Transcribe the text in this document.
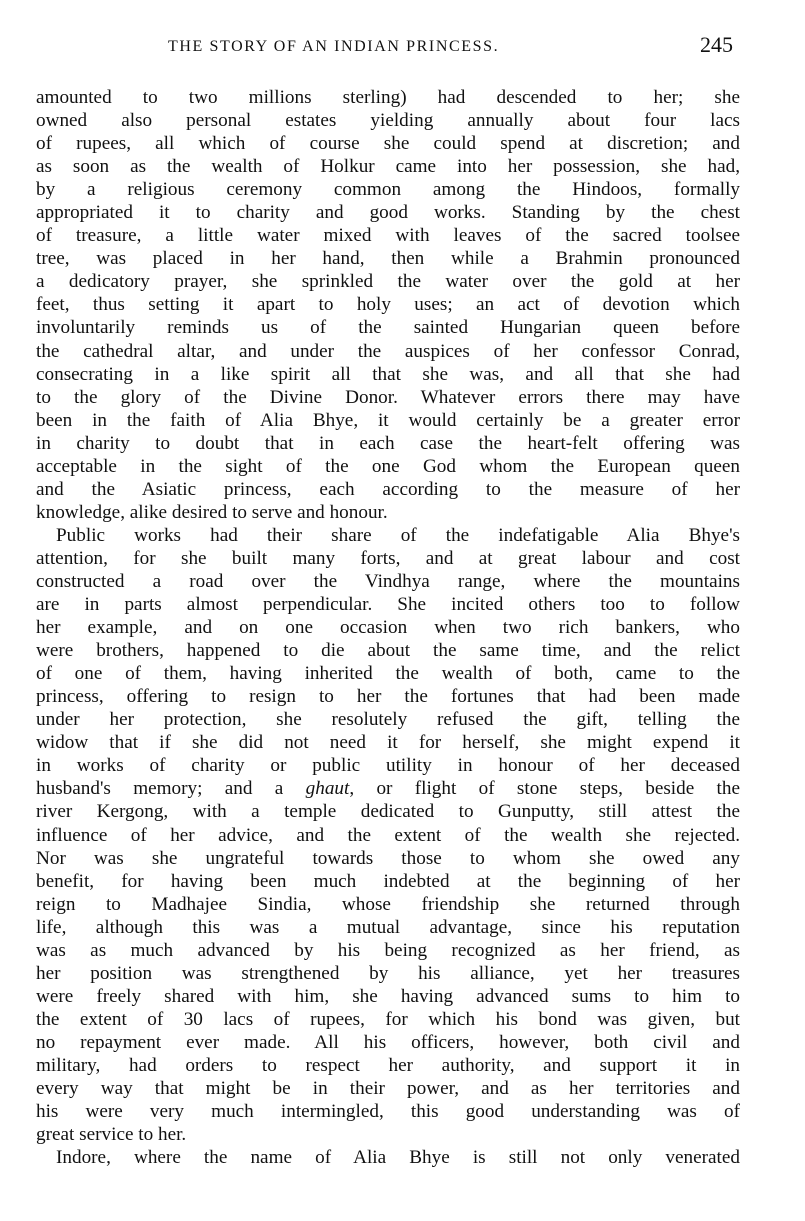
THE STORY OF AN INDIAN PRINCESS.	245
amounted to two millions sterling) had descended to her; she
owned also personal estates yielding annually about four lacs
of rupees, all which of course she could spend at discretion; and
as soon as the wealth of Holkur came into her possession, she had,
by a religious ceremony common among the Hindoos, formally
appropriated it to charity and good works. Standing by the chest
of treasure, a little water mixed with leaves of the sacred toolsee
tree, was placed in her hand, then while a Brahmin pronounced
a dedicatory prayer, she sprinkled the water over the gold at her
feet, thus setting it apart to holy uses; an act of devotion which
involuntarily reminds us of the sainted Hungarian queen before
the cathedral altar, and under the auspices of her confessor Conrad,
consecrating in a like spirit all that she was, and all that she had
to the glory of the Divine Donor. Whatever errors there may have
been in the faith of Alia Bhye, it would certainly be a greater error
in charity to doubt that in each case the heart-felt offering was
acceptable in the sight of the one God whom the European queen
and the Asiatic princess, each according to the measure of her
knowledge, alike desired to serve and honour.
Public works had their share of the indefatigable Alia Bhye's
attention, for she built many forts, and at great labour and cost
constructed a road over the Vindhya range, where the mountains
are in parts almost perpendicular. She incited others too to follow
her example, and on one occasion when two rich bankers, who
were brothers, happened to die about the same time, and the relict
of one of them, having inherited the wealth of both, came to the
princess, offering to resign to her the fortunes that had been made
under her protection, she resolutely refused the gift, telling the
widow that if she did not need it for herself, she might expend it
in works of charity or public utility in honour of her deceased
husband's memory; and a ghaut, or flight of stone steps, beside the
river Kergong, with a temple dedicated to Gunputty, still attest the
influence of her advice, and the extent of the wealth she rejected.
Nor was she ungrateful towards those to whom she owed any
benefit, for having been much indebted at the beginning of her
reign to Madhajee Sindia, whose friendship she returned through
life, although this was a mutual advantage, since his reputation
was as much advanced by his being recognized as her friend, as
her position was strengthened by his alliance, yet her treasures
were freely shared with him, she having advanced sums to him to
the extent of 30 lacs of rupees, for which his bond was given, but
no repayment ever made. All his officers, however, both civil and
military, had orders to respect her authority, and support it in
every way that might be in their power, and as her territories and
his were very much intermingled, this good understanding was of
great service to her.
Indore, where the name of Alia Bhye is still not only venerated
